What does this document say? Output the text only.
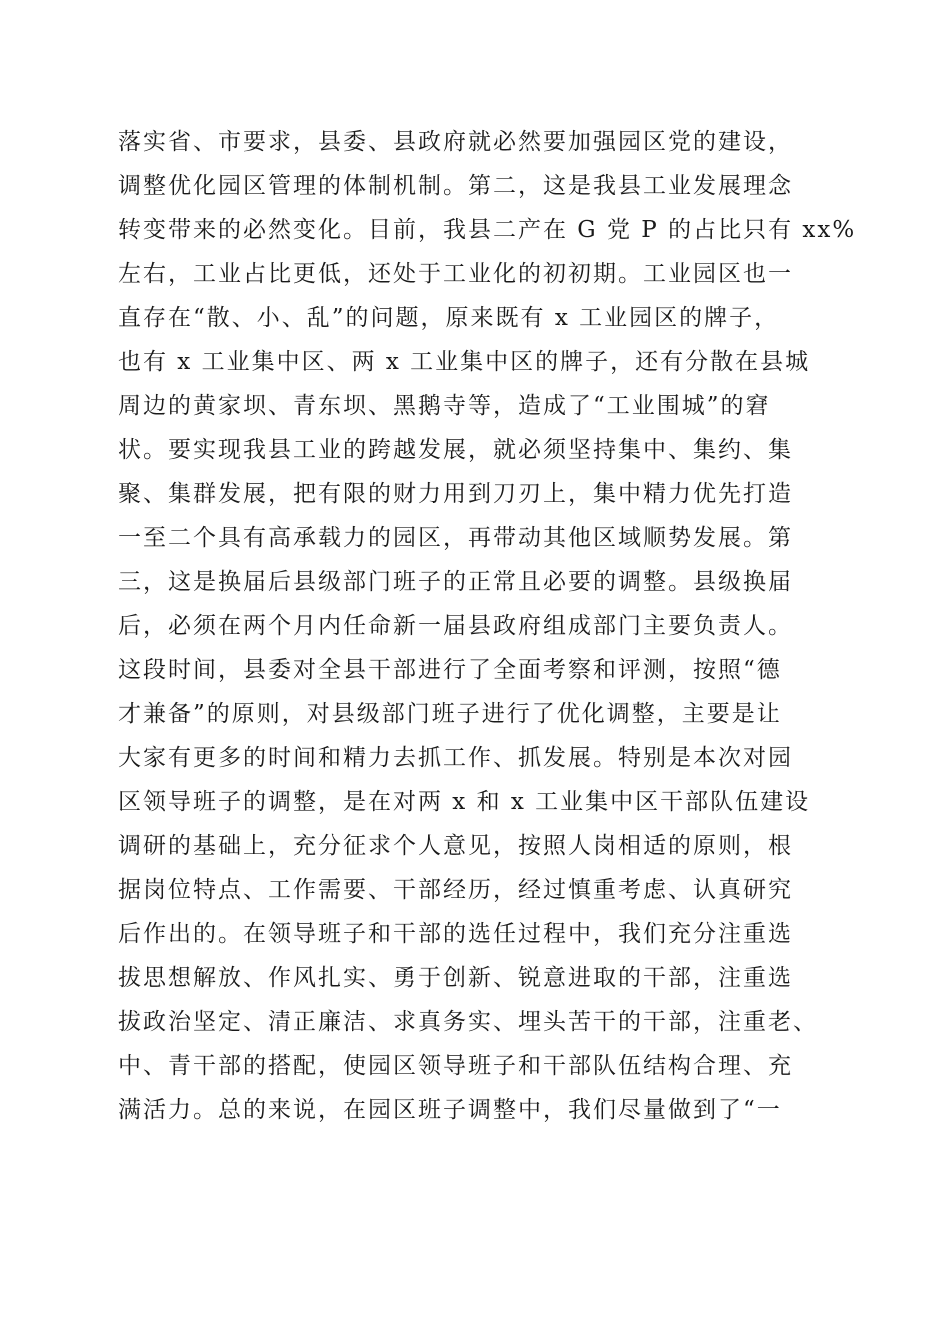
落实省、市要求，县委、县政府就必然要加强园区党的建设，
调整优化园区管理的体制机制。第二，这是我县工业发展理念
转变带来的必然变化。目前，我县二产在 G 党 P 的占比只有 xx%
左右，工业占比更低，还处于工业化的初初期。工业园区也一
直存在“散、小、乱”的问题，原来既有 x 工业园区的牌子，
也有 x 工业集中区、两 x 工业集中区的牌子，还有分散在县城
周边的黄家坝、青东坝、黑鹅寺等，造成了“工业围城”的窘
状。要实现我县工业的跨越发展，就必须坚持集中、集约、集
聚、集群发展，把有限的财力用到刀刃上，集中精力优先打造
一至二个具有高承载力的园区，再带动其他区域顺势发展。第
三，这是换届后县级部门班子的正常且必要的调整。县级换届
后，必须在两个月内任命新一届县政府组成部门主要负责人。
这段时间，县委对全县干部进行了全面考察和评测，按照“德
才兼备”的原则，对县级部门班子进行了优化调整，主要是让
大家有更多的时间和精力去抓工作、抓发展。特别是本次对园
区领导班子的调整，是在对两 x 和 x 工业集中区干部队伍建设
调研的基础上，充分征求个人意见，按照人岗相适的原则，根
据岗位特点、工作需要、干部经历，经过慎重考虑、认真研究
后作出的。在领导班子和干部的选任过程中，我们充分注重选
拔思想解放、作风扎实、勇于创新、锐意进取的干部，注重选
拔政治坚定、清正廉洁、求真务实、埋头苦干的干部，注重老、
中、青干部的搭配，使园区领导班子和干部队伍结构合理、充
满活力。总的来说，在园区班子调整中，我们尽量做到了“一
